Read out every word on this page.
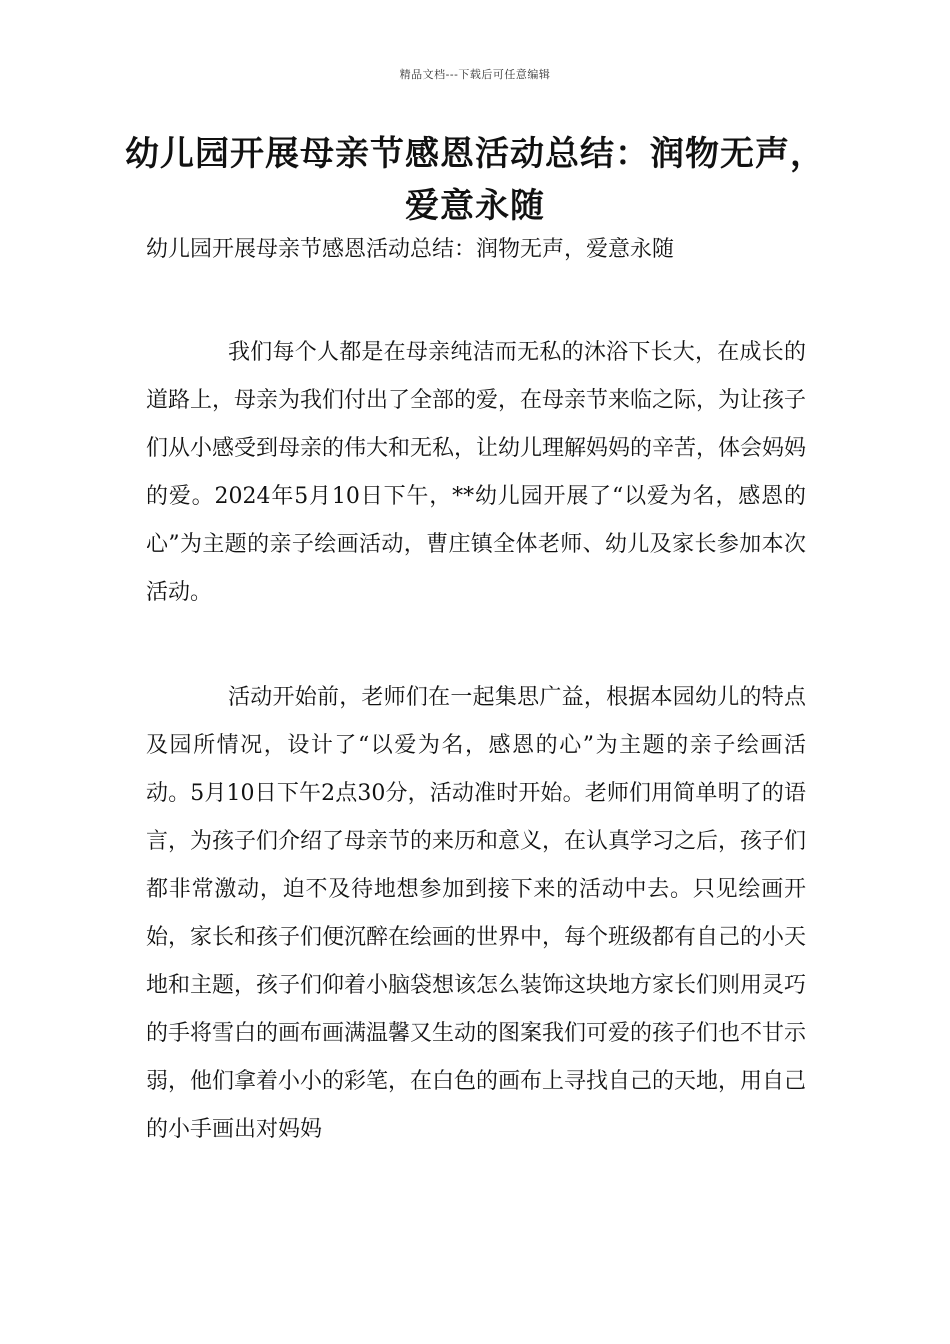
精品文档---下载后可任意编辑
幼儿园开展母亲节感恩活动总结：润物无声，爱意永随

幼儿园开展母亲节感恩活动总结：润物无声，爱意永随

我们每个人都是在母亲纯洁而无私的沐浴下长大，在成长的道路上，母亲为我们付出了全部的爱，在母亲节来临之际，为让孩子们从小感受到母亲的伟大和无私，让幼儿理解妈妈的辛苦，体会妈妈的爱。2024年5月10日下午，**幼儿园开展了“以爱为名，感恩的心”为主题的亲子绘画活动，曹庄镇全体老师、幼儿及家长参加本次活动。

活动开始前，老师们在一起集思广益，根据本园幼儿的特点及园所情况，设计了“以爱为名，感恩的心”为主题的亲子绘画活动。5月10日下午2点30分，活动准时开始。老师们用简单明了的语言，为孩子们介绍了母亲节的来历和意义，在认真学习之后，孩子们都非常激动，迫不及待地想参加到接下来的活动中去。只见绘画开始，家长和孩子们便沉醉在绘画的世界中，每个班级都有自己的小天地和主题，孩子们仰着小脑袋想该怎么装饰这块地方家长们则用灵巧的手将雪白的画布画满温馨又生动的图案我们可爱的孩子们也不甘示弱，他们拿着小小的彩笔，在白色的画布上寻找自己的天地，用自己的小手画出对妈妈
